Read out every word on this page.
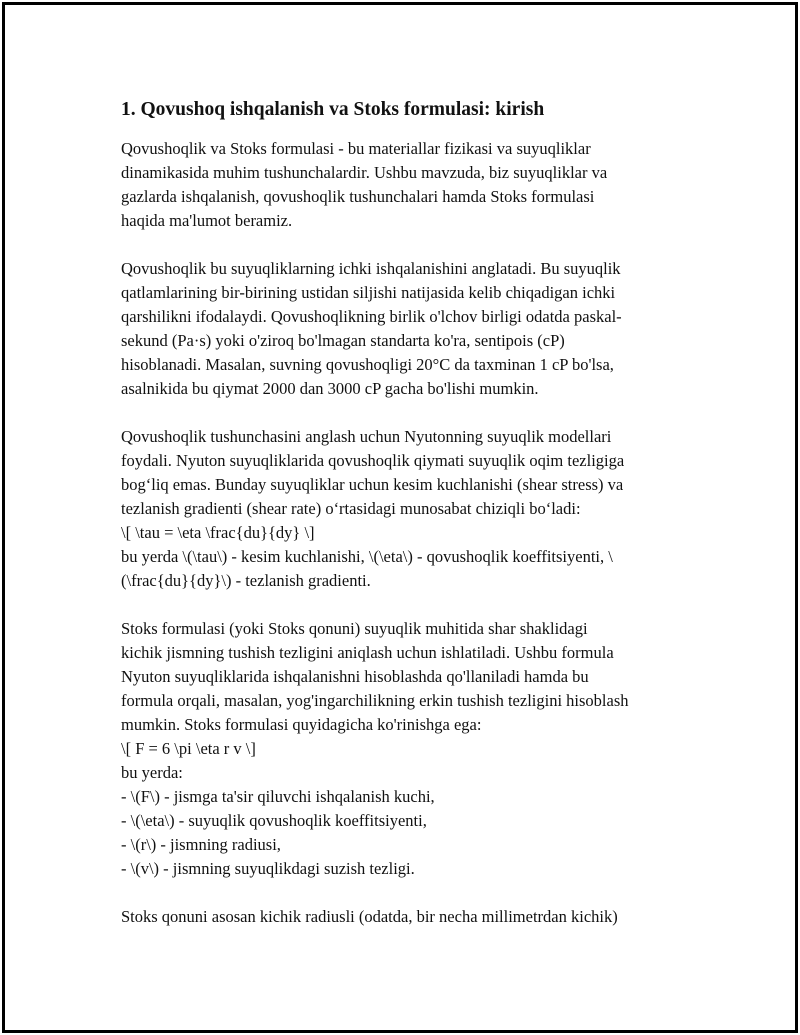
1. Qovushoq ishqalanish va Stoks formulasi: kirish
Qovushoqlik va Stoks formulasi - bu materiallar fizikasi va suyuqliklar
dinamikasida muhim tushunchalardir. Ushbu mavzuda, biz suyuqliklar va
gazlarda ishqalanish, qovushoqlik tushunchalari hamda Stoks formulasi
haqida ma'lumot beramiz.
Qovushoqlik bu suyuqliklarning ichki ishqalanishini anglatadi. Bu suyuqlik
qatlamlarining bir-birining ustidan siljishi natijasida kelib chiqadigan ichki
qarshilikni ifodalaydi. Qovushoqlikning birlik o'lchov birligi odatda paskal-
sekund (Pa·s) yoki o'ziroq bo'lmagan standarta ko'ra, sentipois (cP)
hisoblanadi. Masalan, suvning qovushoqligi 20°C da taxminan 1 cP bo'lsa,
asalnikida bu qiymat 2000 dan 3000 cP gacha bo'lishi mumkin.
Qovushoqlik tushunchasini anglash uchun Nyutonning suyuqlik modellari
foydali. Nyuton suyuqliklarida qovushoqlik qiymati suyuqlik oqim tezligiga
bog‘liq emas. Bunday suyuqliklar uchun kesim kuchlanishi (shear stress) va
tezlanish gradienti (shear rate) o‘rtasidagi munosabat chiziqli bo‘ladi:
\[ \tau = \eta \frac{du}{dy} \]
bu yerda \(\tau\) - kesim kuchlanishi, \(\eta\) - qovushoqlik koeffitsiyenti, \
(\frac{du}{dy}\) - tezlanish gradienti.
Stoks formulasi (yoki Stoks qonuni) suyuqlik muhitida shar shaklidagi
kichik jismning tushish tezligini aniqlash uchun ishlatiladi. Ushbu formula
Nyuton suyuqliklarida ishqalanishni hisoblashda qo'llaniladi hamda bu
formula orqali, masalan, yog'ingarchilikning erkin tushish tezligini hisoblash
mumkin. Stoks formulasi quyidagicha ko'rinishga ega:
\[ F = 6 \pi \eta r v \]
bu yerda:
- \(F\) - jismga ta'sir qiluvchi ishqalanish kuchi,
- \(\eta\) - suyuqlik qovushoqlik koeffitsiyenti,
- \(r\) - jismning radiusi,
- \(v\) - jismning suyuqlikdagi suzish tezligi.
Stoks qonuni asosan kichik radiusli (odatda, bir necha millimetrdan kichik)
